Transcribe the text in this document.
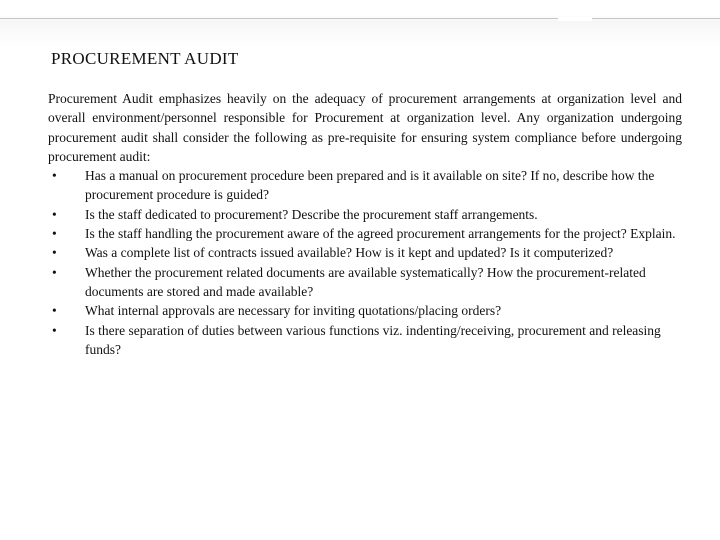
PROCUREMENT AUDIT

Procurement Audit emphasizes heavily on the adequacy of procurement arrangements at organization level and overall environment/personnel responsible for Procurement at organization level. Any organization undergoing procurement audit shall consider the following as pre-requisite for ensuring system compliance before undergoing procurement audit:

• Has a manual on procurement procedure been prepared and is it available on site? If no, describe how the procurement procedure is guided?
• Is the staff dedicated to procurement? Describe the procurement staff arrangements.
• Is the staff handling the procurement aware of the agreed procurement arrangements for the project? Explain.
• Was a complete list of contracts issued available? How is it kept and updated? Is it computerized?
• Whether the procurement related documents are available systematically? How the procurement-related documents are stored and made available?
• What internal approvals are necessary for inviting quotations/placing orders?
• Is there separation of duties between various functions viz. indenting/receiving, procurement and releasing funds?
